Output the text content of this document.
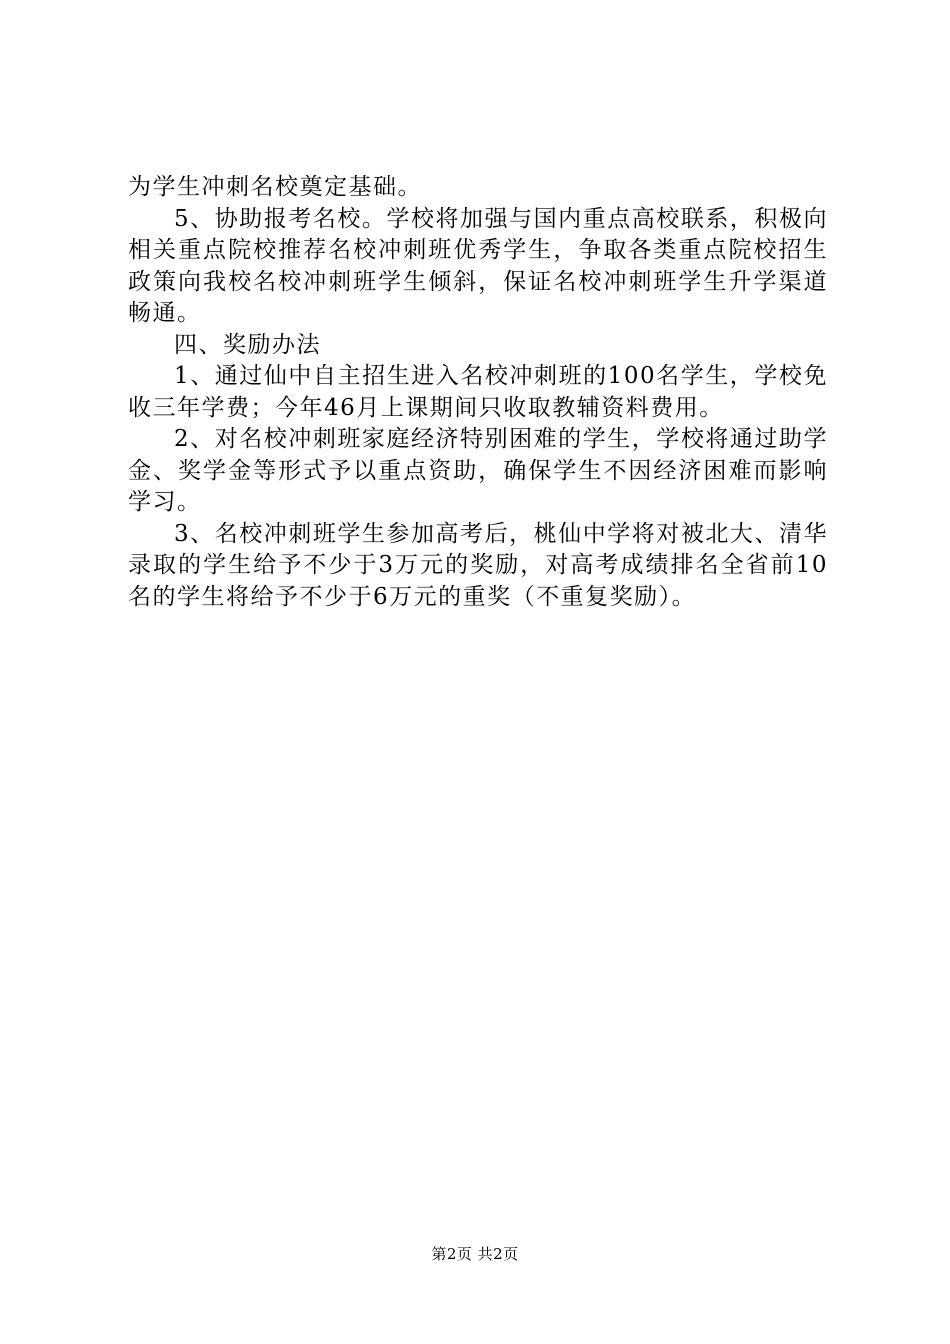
为学生冲刺名校奠定基础。

5、协助报考名校。学校将加强与国内重点高校联系，积极向相关重点院校推荐名校冲刺班优秀学生，争取各类重点院校招生政策向我校名校冲刺班学生倾斜，保证名校冲刺班学生升学渠道畅通。

四、奖励办法

1、通过仙中自主招生进入名校冲刺班的100名学生，学校免收三年学费；今年46月上课期间只收取教辅资料费用。

2、对名校冲刺班家庭经济特别困难的学生，学校将通过助学金、奖学金等形式予以重点资助，确保学生不因经济困难而影响学习。

3、名校冲刺班学生参加高考后，桃仙中学将对被北大、清华录取的学生给予不少于3万元的奖励，对高考成绩排名全省前10名的学生将给予不少于6万元的重奖（不重复奖励）。

第2页 共2页
